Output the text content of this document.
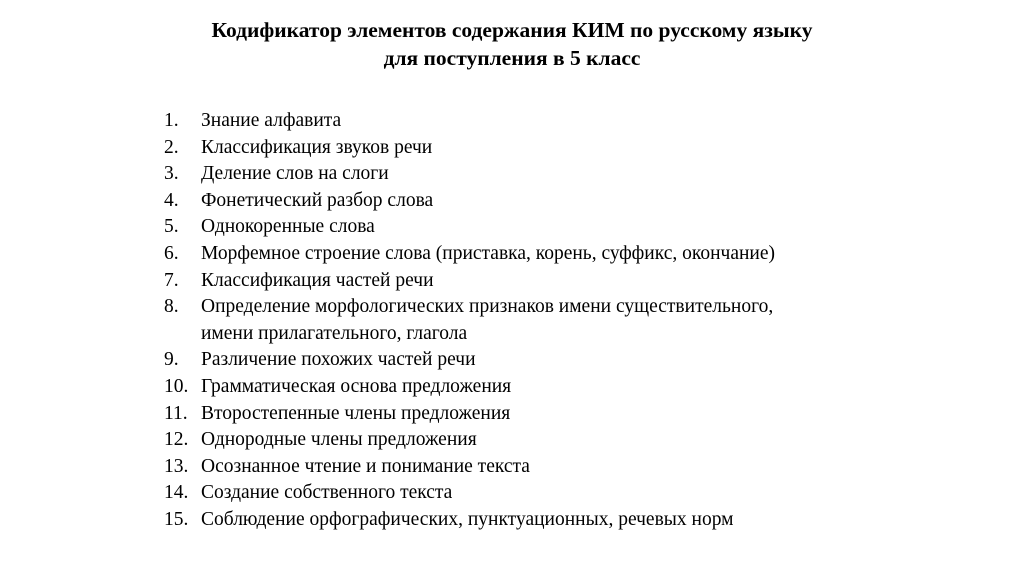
Кодификатор элементов содержания КИМ по русскому языку
для поступления в 5 класс
1. Знание алфавита
2. Классификация звуков речи
3. Деление слов на слоги
4. Фонетический разбор слова
5. Однокоренные слова
6. Морфемное строение слова (приставка, корень, суффикс, окончание)
7. Классификация частей речи
8. Определение морфологических признаков имени существительного,
имени прилагательного, глагола
9. Различение похожих частей речи
10. Грамматическая основа предложения
11. Второстепенные члены предложения
12. Однородные члены предложения
13. Осознанное чтение и понимание текста
14. Создание собственного текста
15. Соблюдение орфографических, пунктуационных, речевых норм
